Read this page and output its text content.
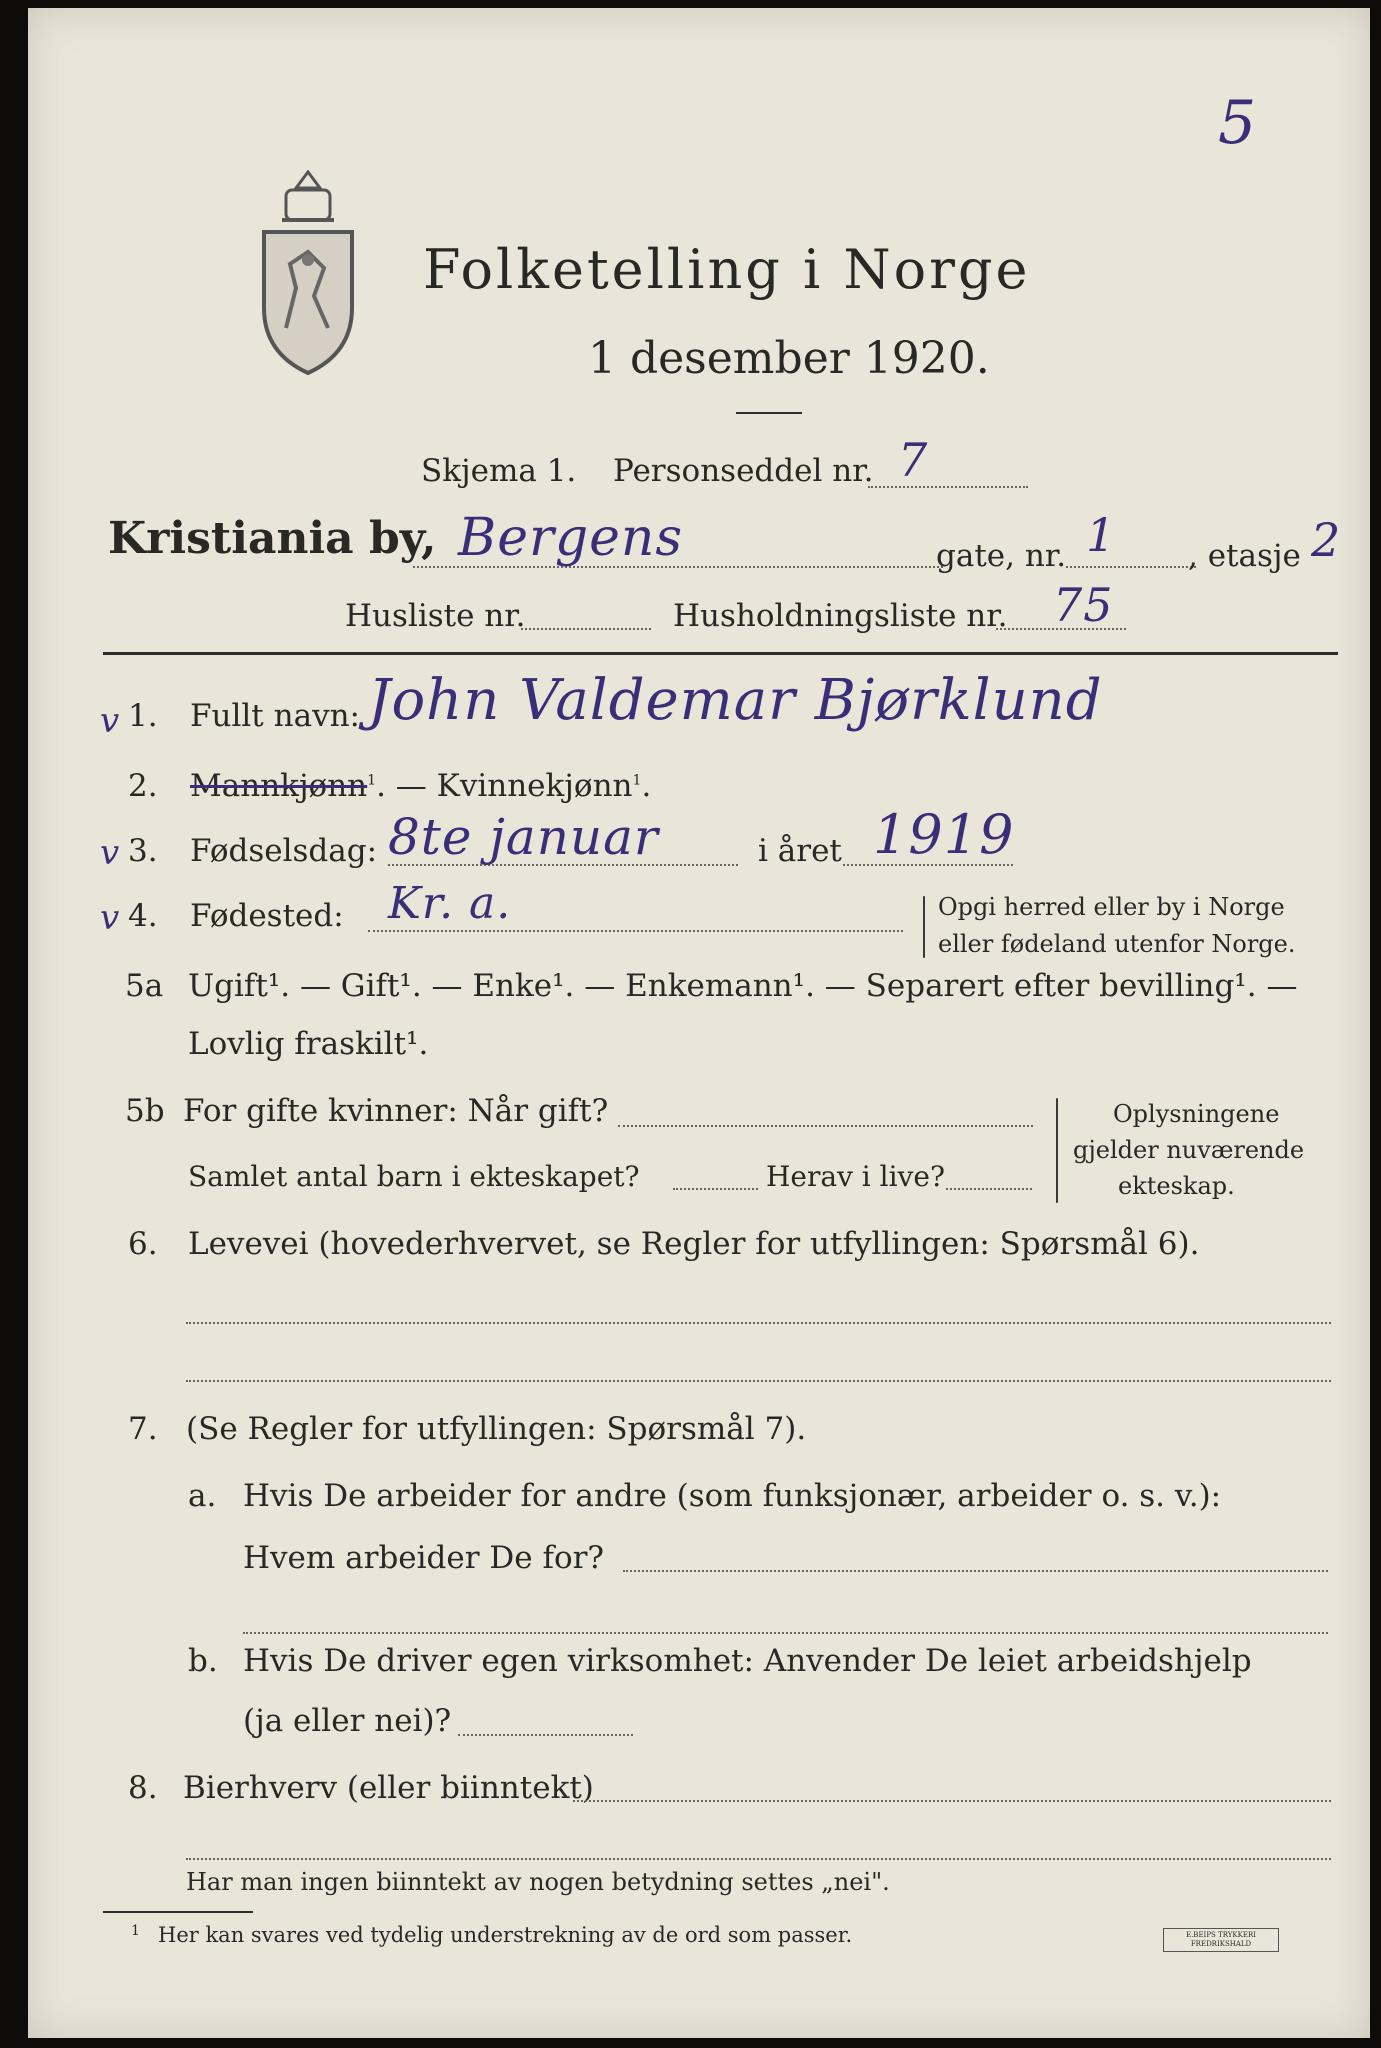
5
Folketelling i Norge
1 desember 1920.
Skjema 1. Personseddel nr. 7
Kristiania by, Bergens	gate, nr. 1 , etasje 2
Husliste nr.	Husholdningsliste nr. 75
v 1. Fullt navn: John Valdemar Bjørklund
2. Mannkjønn$^1$. — Kvinnekjønn$^1$.
v 3. Fødselsdag: 8te januar	i året 1919
v 4. Fødested: Kr. a.	Opgi herred eller by i Norge
eller fødeland utenfor Norge.
5a Ugift¹. — Gift¹. — Enke¹. — Enkemann¹. — Separert efter bevilling¹. —
Lovlig fraskilt¹.
5b For gifte kvinner: Når gift?
Samlet antal barn i ekteskapet?	Herav i live?
Oplysningene
gjelder nuværende
ekteskap.
6. Levevei (hovederhvervet, se Regler for utfyllingen: Spørsmål 6).
7. (Se Regler for utfyllingen: Spørsmål 7).
a. Hvis De arbeider for andre (som funksjonær, arbeider o. s. v.):
Hvem arbeider De for?
b. Hvis De driver egen virksomhet: Anvender De leiet arbeidshjelp
(ja eller nei)?
8. Bierhverv (eller biinntekt)
Har man ingen biinntekt av nogen betydning settes „nei".
1 Her kan svares ved tydelig understrekning av de ord som passer.	E.BEIPS TRYKKERI FREDRIKSHALD
